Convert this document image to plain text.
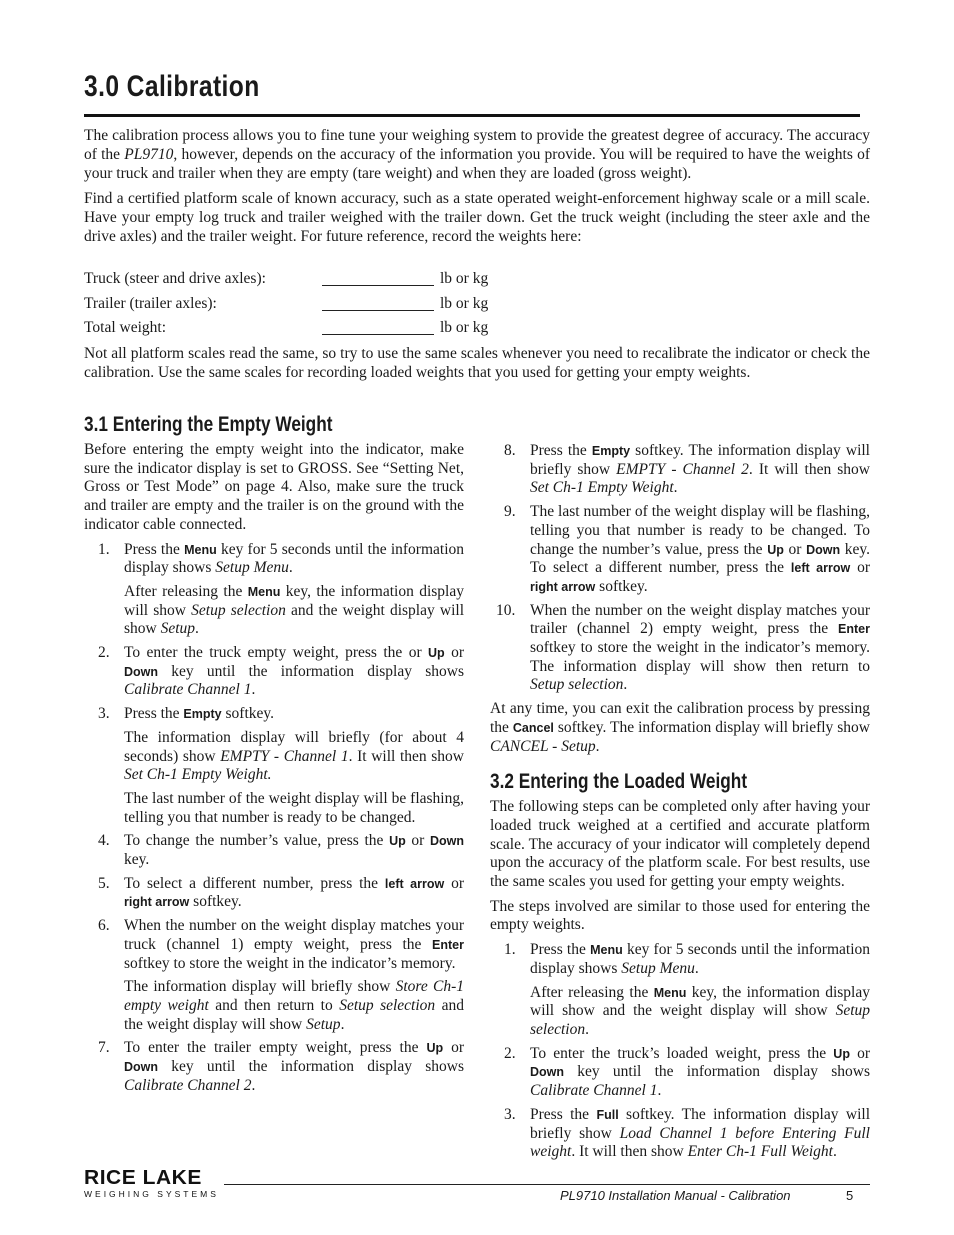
3.0 Calibration

The calibration process allows you to fine tune your weighing system to provide the greatest degree of accuracy. The accuracy of the PL9710, however, depends on the accuracy of the information you provide. You will be required to have the weights of your truck and trailer when they are empty (tare weight) and when they are loaded (gross weight).

Find a certified platform scale of known accuracy, such as a state operated weight-enforcement highway scale or a mill scale. Have your empty log truck and trailer weighed with the trailer down. Get the truck weight (including the steer axle and the drive axles) and the trailer weight. For future reference, record the weights here:

Truck (steer and drive axles):	lb or kg
Trailer (trailer axles):	lb or kg
Total weight:	lb or kg

Not all platform scales read the same, so try to use the same scales whenever you need to recalibrate the indicator or check the calibration. Use the same scales for recording loaded weights that you used for getting your empty weights.

3.1 Entering the Empty Weight

Before entering the empty weight into the indicator, make sure the indicator display is set to GROSS. See “Setting Net, Gross or Test Mode” on page 4. Also, make sure the truck and trailer are empty and the trailer is on the ground with the indicator cable connected.

1. Press the Menu key for 5 seconds until the information display shows Setup Menu.

After releasing the Menu key, the information display will show Setup selection and the weight display will show Setup.

2. To enter the truck empty weight, press the or Up or Down key until the information display shows Calibrate Channel 1.

3. Press the Empty softkey.

The information display will briefly (for about 4 seconds) show EMPTY - Channel 1. It will then show Set Ch-1 Empty Weight.

The last number of the weight display will be flashing, telling you that number is ready to be changed.

4. To change the number’s value, press the Up or Down key.

5. To select a different number, press the left arrow or right arrow softkey.

6. When the number on the weight display matches your truck (channel 1) empty weight, press the Enter softkey to store the weight in the indicator’s memory.

The information display will briefly show Store Ch-1 empty weight and then return to Setup selection and the weight display will show Setup.

7. To enter the trailer empty weight, press the Up or Down key until the information display shows Calibrate Channel 2.

8. Press the Empty softkey. The information display will briefly show EMPTY - Channel 2. It will then show Set Ch-1 Empty Weight.

9. The last number of the weight display will be flashing, telling you that number is ready to be changed. To change the number’s value, press the Up or Down key. To select a different number, press the left arrow or right arrow softkey.

10. When the number on the weight display matches your trailer (channel 2) empty weight, press the Enter softkey to store the weight in the indicator’s memory. The information display will show then return to Setup selection.

At any time, you can exit the calibration process by pressing the Cancel softkey. The information display will briefly show CANCEL - Setup.

3.2 Entering the Loaded Weight

The following steps can be completed only after having your loaded truck weighed at a certified and accurate platform scale. The accuracy of your indicator will completely depend upon the accuracy of the platform scale. For best results, use the same scales you used for getting your empty weights.

The steps involved are similar to those used for entering the empty weights.

1. Press the Menu key for 5 seconds until the information display shows Setup Menu.

After releasing the Menu key, the information display will show and the weight display will show Setup selection.

2. To enter the truck’s loaded weight, press the Up or Down key until the information display shows Calibrate Channel 1.

3. Press the Full softkey. The information display will briefly show Load Channel 1 before Entering Full weight. It will then show Enter Ch-1 Full Weight.

RICE LAKE
WEIGHING SYSTEMS	PL9710 Installation Manual - Calibration	5
